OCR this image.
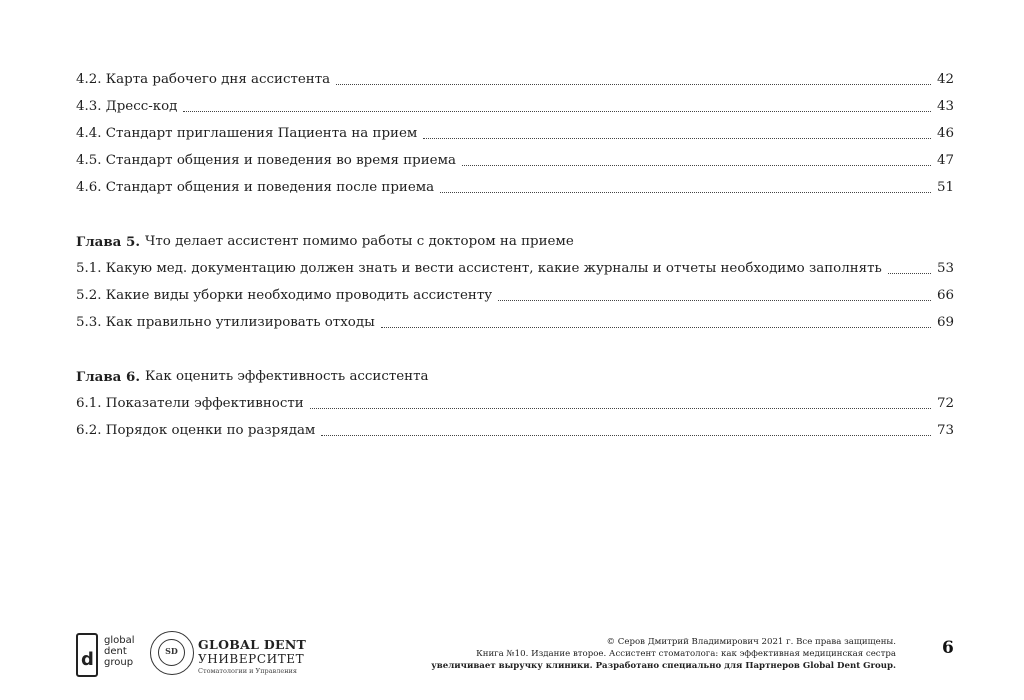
4.2. Карта рабочего дня ассистента	42
4.3. Дресс-код	43
4.4. Стандарт приглашения Пациента на прием	46
4.5. Стандарт общения и поведения во время приема	47
4.6. Стандарт общения и поведения после приема	51
Глава 5. Что делает ассистент помимо работы с доктором на приеме
5.1. Какую мед. документацию должен знать и вести ассистент, какие журналы и отчеты необходимо заполнять	53
5.2. Какие виды уборки необходимо проводить ассистенту	66
5.3. Как правильно утилизировать отходы	69
Глава 6. Как оценить эффективность ассистента
6.1. Показатели эффективности	72
6.2. Порядок оценки по разрядам	73
d
global
dent
group
SD	GLOBAL DENT
УНИВЕРСИТЕТ
Стоматологии и Управления
© Серов Дмитрий Владимирович 2021 г. Все права защищены.
Книга №10. Издание второе. Ассистент стоматолога: как эффективная медицинская сестра
увеличивает выручку клиники. Разработано специально для Партнеров Global Dent Group.
6
